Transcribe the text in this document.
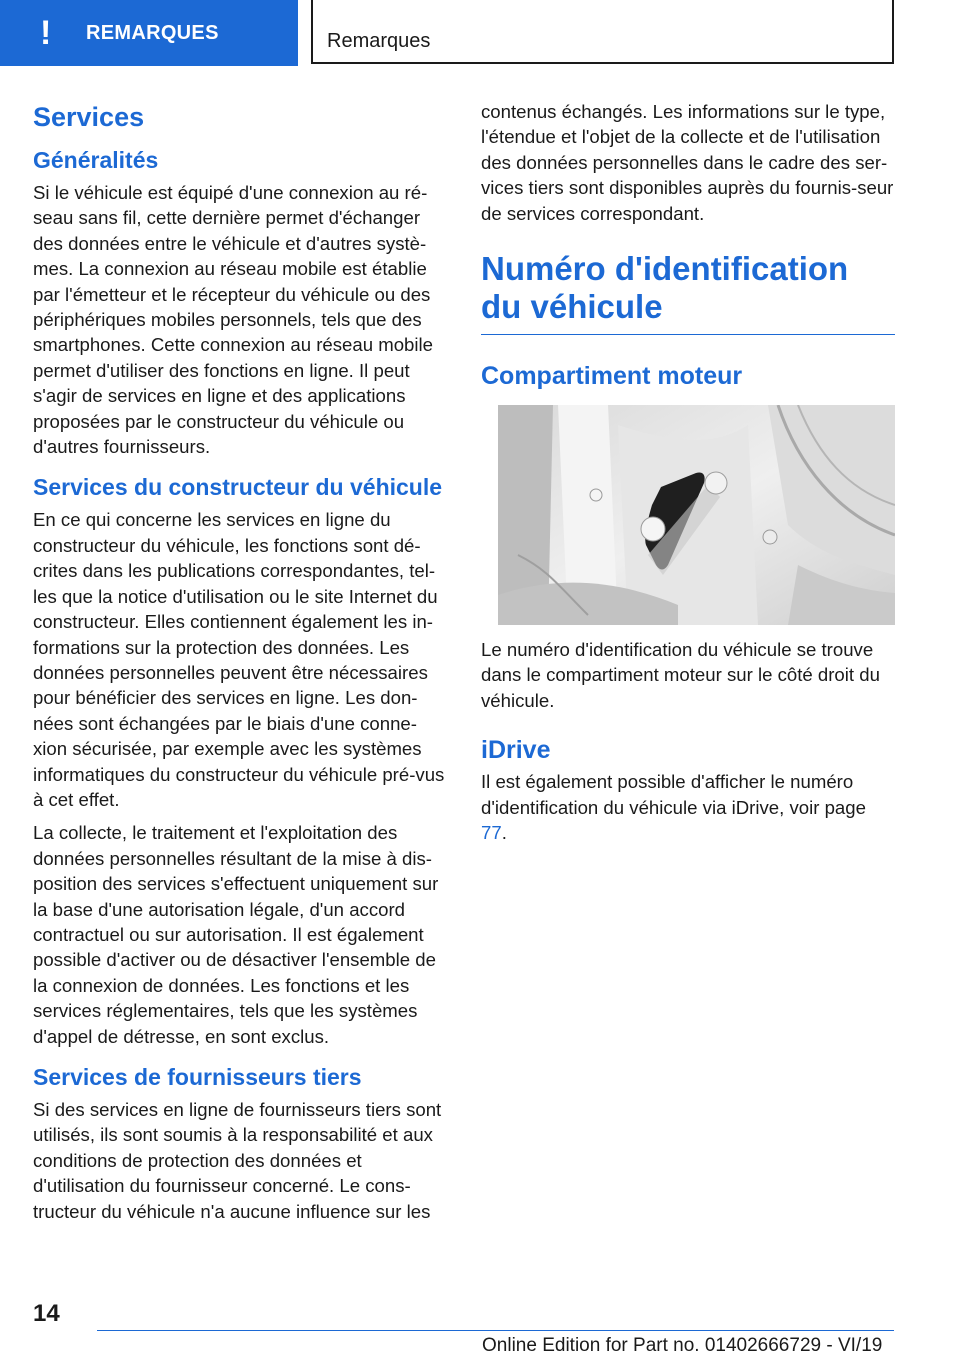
!	REMARQUES	Remarques
Services
Généralités

Si le véhicule est équipé d'une connexion au ré-seau sans fil, cette dernière permet d'échanger des données entre le véhicule et d'autres systè-mes. La connexion au réseau mobile est établie par l'émetteur et le récepteur du véhicule ou des périphériques mobiles personnels, tels que des smartphones. Cette connexion au réseau mobile permet d'utiliser des fonctions en ligne. Il peut s'agir de services en ligne et des applications proposées par le constructeur du véhicule ou d'autres fournisseurs.

Services du constructeur du véhicule

En ce qui concerne les services en ligne du constructeur du véhicule, les fonctions sont dé-crites dans les publications correspondantes, tel-les que la notice d'utilisation ou le site Internet du constructeur. Elles contiennent également les in-formations sur la protection des données. Les données personnelles peuvent être nécessaires pour bénéficier des services en ligne. Les don-nées sont échangées par le biais d'une conne-xion sécurisée, par exemple avec les systèmes informatiques du constructeur du véhicule pré-vus à cet effet.

La collecte, le traitement et l'exploitation des données personnelles résultant de la mise à dis-position des services s'effectuent uniquement sur la base d'une autorisation légale, d'un accord contractuel ou sur autorisation. Il est également possible d'activer ou de désactiver l'ensemble de la connexion de données. Les fonctions et les services réglementaires, tels que les systèmes d'appel de détresse, en sont exclus.

Services de fournisseurs tiers

Si des services en ligne de fournisseurs tiers sont utilisés, ils sont soumis à la responsabilité et aux conditions de protection des données et d'utilisation du fournisseur concerné. Le cons-tructeur du véhicule n'a aucune influence sur les

contenus échangés. Les informations sur le type, l'étendue et l'objet de la collecte et de l'utilisation des données personnelles dans le cadre des ser-vices tiers sont disponibles auprès du fournis-seur de services correspondant.

Numéro d'identification du véhicule
Compartiment moteur

Le numéro d'identification du véhicule se trouve dans le compartiment moteur sur le côté droit du véhicule.

iDrive

Il est également possible d'afficher le numéro d'identification du véhicule via iDrive, voir page 77.

14
Online Edition for Part no. 01402666729 - VI/19
